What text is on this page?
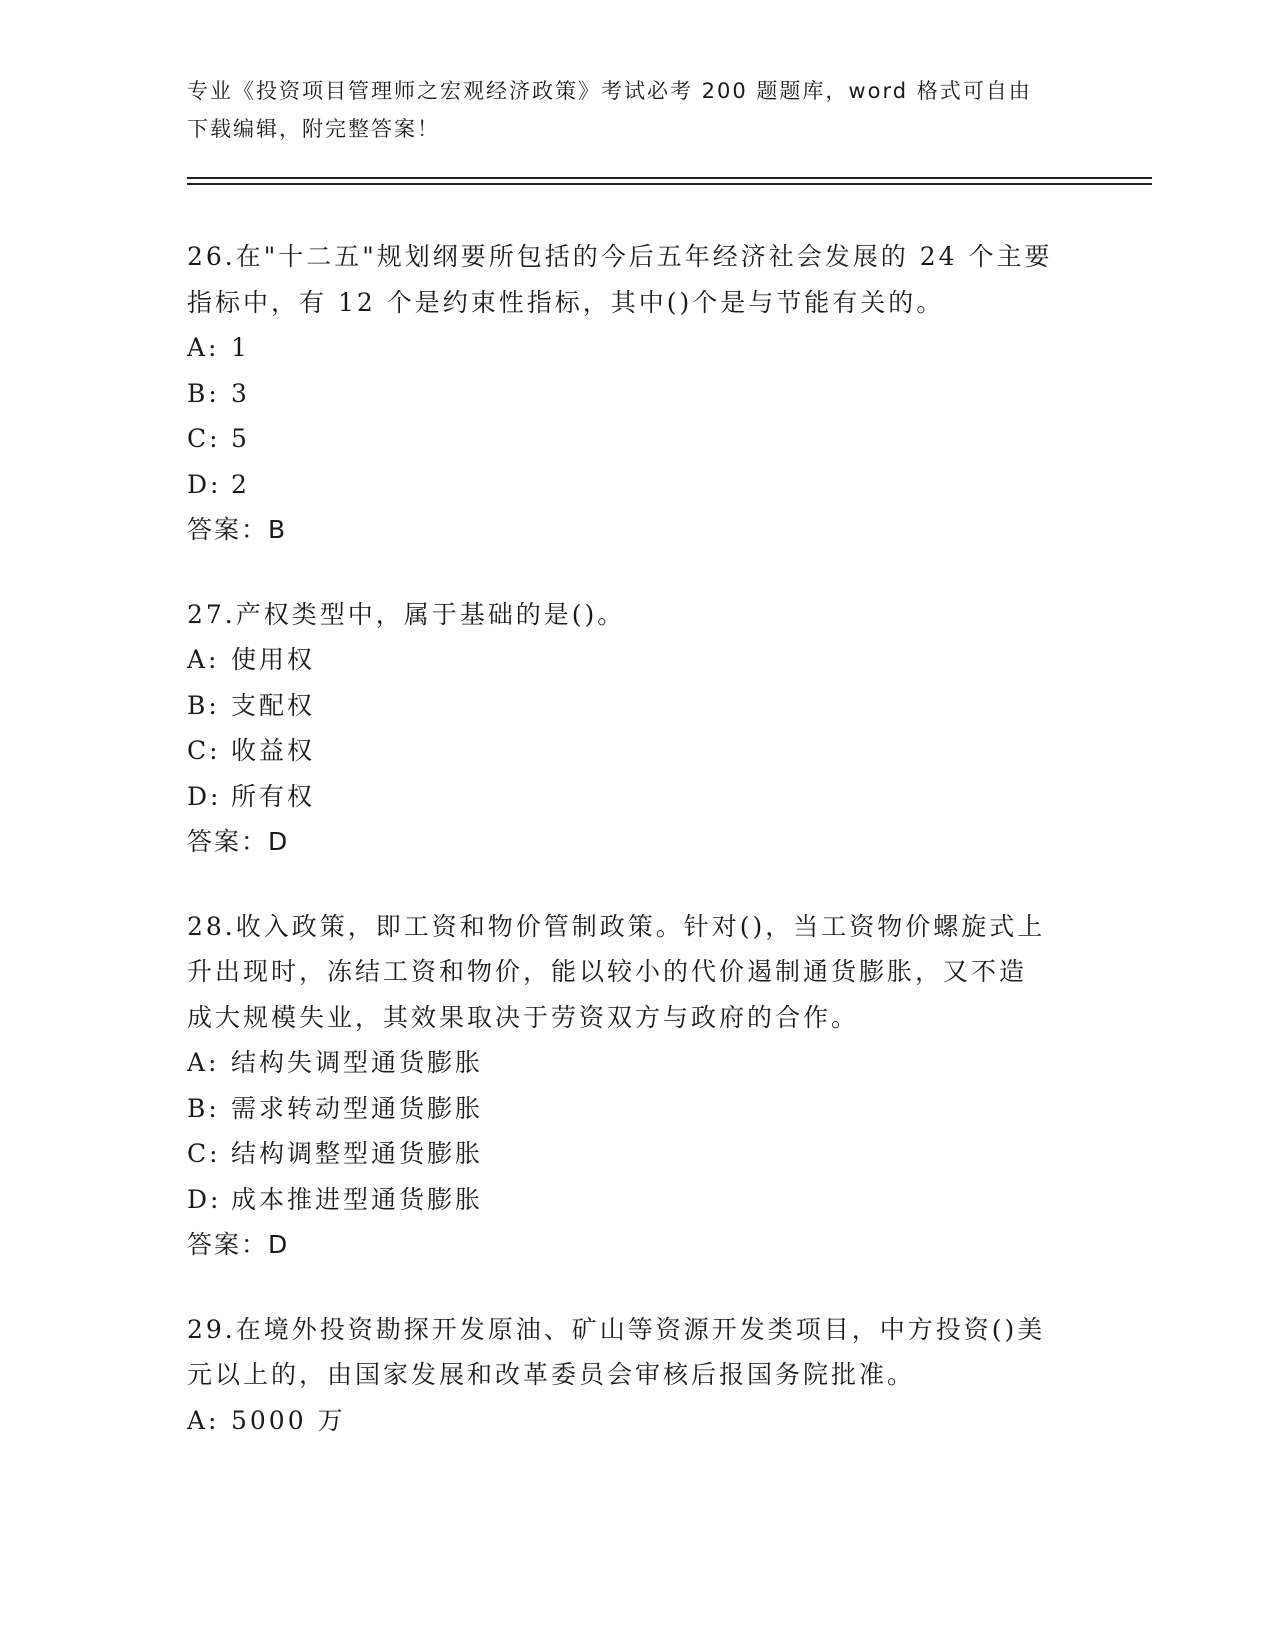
专业《投资项目管理师之宏观经济政策》考试必考 200 题题库，word 格式可自由
下载编辑，附完整答案！
26.在"十二五"规划纲要所包括的今后五年经济社会发展的 24 个主要
指标中，有 12 个是约束性指标，其中()个是与节能有关的。
A: 1
B: 3
C: 5
D: 2
答案：B
27.产权类型中，属于基础的是()。
A: 使用权
B: 支配权
C: 收益权
D: 所有权
答案：D
28.收入政策，即工资和物价管制政策。针对()，当工资物价螺旋式上
升出现时，冻结工资和物价，能以较小的代价遏制通货膨胀，又不造
成大规模失业，其效果取决于劳资双方与政府的合作。
A: 结构失调型通货膨胀
B: 需求转动型通货膨胀
C: 结构调整型通货膨胀
D: 成本推进型通货膨胀
答案：D
29.在境外投资勘探开发原油、矿山等资源开发类项目，中方投资()美
元以上的，由国家发展和改革委员会审核后报国务院批准。
A: 5000 万
